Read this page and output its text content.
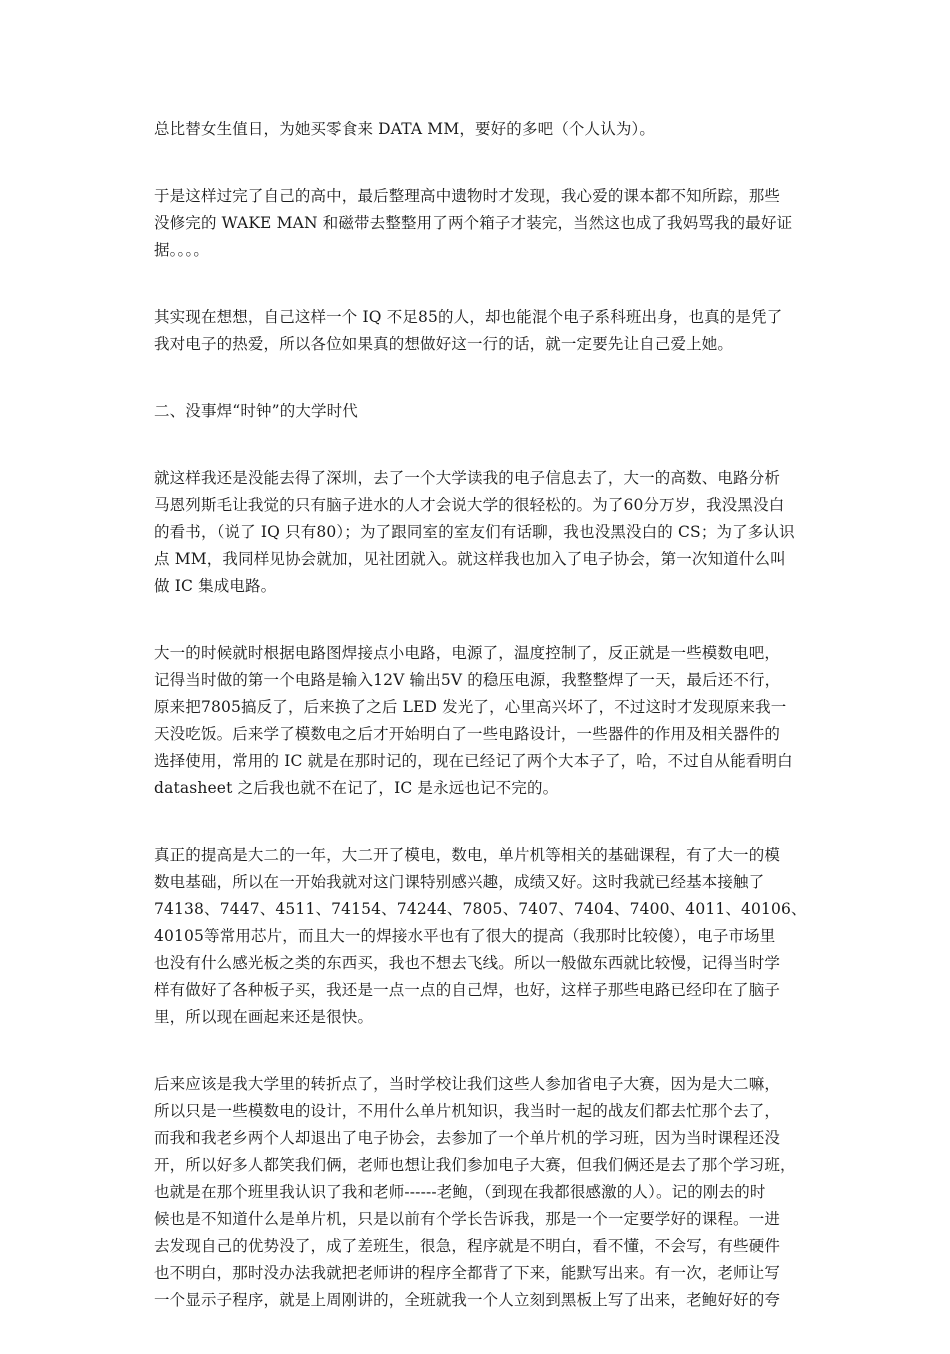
总比替女生值日，为她买零食来 DATA MM，要好的多吧（个人认为）。

于是这样过完了自己的高中，最后整理高中遗物时才发现，我心爱的课本都不知所踪，那些
没修完的 WAKE MAN 和磁带去整整用了两个箱子才装完，当然这也成了我妈骂我的最好证
据。。。。

其实现在想想，自己这样一个 IQ 不足85的人，却也能混个电子系科班出身，也真的是凭了
我对电子的热爱，所以各位如果真的想做好这一行的话，就一定要先让自己爱上她。

二、没事焊“时钟”的大学时代

就这样我还是没能去得了深圳，去了一个大学读我的电子信息去了，大一的高数、电路分析
马恩列斯毛让我觉的只有脑子进水的人才会说大学的很轻松的。为了60分万岁，我没黑没白
的看书，（说了 IQ 只有80）；为了跟同室的室友们有话聊，我也没黑没白的 CS；为了多认识
点 MM，我同样见协会就加，见社团就入。就这样我也加入了电子协会，第一次知道什么叫
做 IC 集成电路。

大一的时候就时根据电路图焊接点小电路，电源了，温度控制了，反正就是一些模数电吧，
记得当时做的第一个电路是输入12V 输出5V 的稳压电源，我整整焊了一天，最后还不行，
原来把7805搞反了，后来换了之后 LED 发光了，心里高兴坏了，不过这时才发现原来我一
天没吃饭。后来学了模数电之后才开始明白了一些电路设计，一些器件的作用及相关器件的
选择使用，常用的 IC 就是在那时记的，现在已经记了两个大本子了，哈，不过自从能看明白
datasheet 之后我也就不在记了，IC 是永远也记不完的。

真正的提高是大二的一年，大二开了模电，数电，单片机等相关的基础课程，有了大一的模
数电基础，所以在一开始我就对这门课特别感兴趣，成绩又好。这时我就已经基本接触了
74138、7447、4511、74154、74244、7805、7407、7404、7400、4011、40106、
40105等常用芯片，而且大一的焊接水平也有了很大的提高（我那时比较傻），电子市场里
也没有什么感光板之类的东西买，我也不想去飞线。所以一般做东西就比较慢，记得当时学
样有做好了各种板子买，我还是一点一点的自己焊，也好，这样子那些电路已经印在了脑子
里，所以现在画起来还是很快。

后来应该是我大学里的转折点了，当时学校让我们这些人参加省电子大赛，因为是大二嘛，
所以只是一些模数电的设计，不用什么单片机知识，我当时一起的战友们都去忙那个去了，
而我和我老乡两个人却退出了电子协会，去参加了一个单片机的学习班，因为当时课程还没
开，所以好多人都笑我们俩，老师也想让我们参加电子大赛，但我们俩还是去了那个学习班，
也就是在那个班里我认识了我和老师------老鲍，（到现在我都很感激的人）。记的刚去的时
候也是不知道什么是单片机，只是以前有个学长告诉我，那是一个一定要学好的课程。一进
去发现自己的优势没了，成了差班生，很急，程序就是不明白，看不懂，不会写，有些硬件
也不明白，那时没办法我就把老师讲的程序全都背了下来，能默写出来。有一次，老师让写
一个显示子程序，就是上周刚讲的，全班就我一个人立刻到黑板上写了出来，老鲍好好的夸
